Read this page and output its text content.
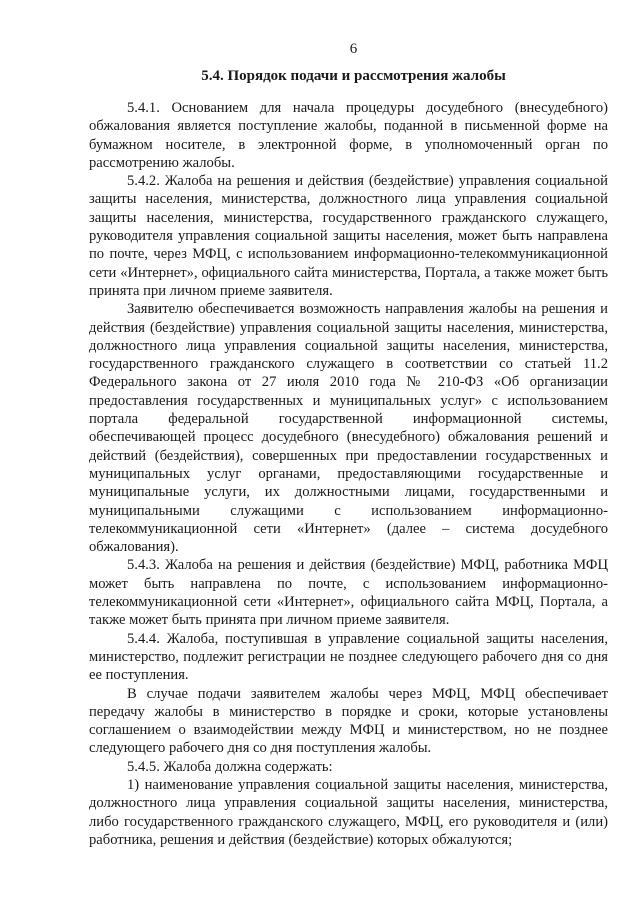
6
5.4. Порядок подачи и рассмотрения жалобы

5.4.1. Основанием для начала процедуры досудебного (внесудебного) обжалования является поступление жалобы, поданной в письменной форме на бумажном носителе, в электронной форме, в уполномоченный орган по рассмотрению жалобы.

5.4.2. Жалоба на решения и действия (бездействие) управления социальной защиты населения, министерства, должностного лица управления социальной защиты населения, министерства, государственного гражданского служащего, руководителя управления социальной защиты населения, может быть направлена по почте, через МФЦ, с использованием информационно-телекоммуникационной сети «Интернет», официального сайта министерства, Портала, а также может быть принята при личном приеме заявителя.

Заявителю обеспечивается возможность направления жалобы на решения и действия (бездействие) управления социальной защиты населения, министерства, должностного лица управления социальной защиты населения, министерства, государственного гражданского служащего в соответствии со статьей 11.2 Федерального закона от 27 июля 2010 года № 210-ФЗ «Об организации предоставления государственных и муниципальных услуг» с использованием портала федеральной государственной информационной системы, обеспечивающей процесс досудебного (внесудебного) обжалования решений и действий (бездействия), совершенных при предоставлении государственных и муниципальных услуг органами, предоставляющими государственные и муниципальные услуги, их должностными лицами, государственными и муниципальными служащими с использованием информационно-телекоммуникационной сети «Интернет» (далее – система досудебного обжалования).

5.4.3. Жалоба на решения и действия (бездействие) МФЦ, работника МФЦ может быть направлена по почте, с использованием информационно-телекоммуникационной сети «Интернет», официального сайта МФЦ, Портала, а также может быть принята при личном приеме заявителя.

5.4.4. Жалоба, поступившая в управление социальной защиты населения, министерство, подлежит регистрации не позднее следующего рабочего дня со дня ее поступления.

В случае подачи заявителем жалобы через МФЦ, МФЦ обеспечивает передачу жалобы в министерство в порядке и сроки, которые установлены соглашением о взаимодействии между МФЦ и министерством, но не позднее следующего рабочего дня со дня поступления жалобы.

5.4.5. Жалоба должна содержать:

1) наименование управления социальной защиты населения, министерства, должностного лица управления социальной защиты населения, министерства, либо государственного гражданского служащего, МФЦ, его руководителя и (или) работника, решения и действия (бездействие) которых обжалуются;
